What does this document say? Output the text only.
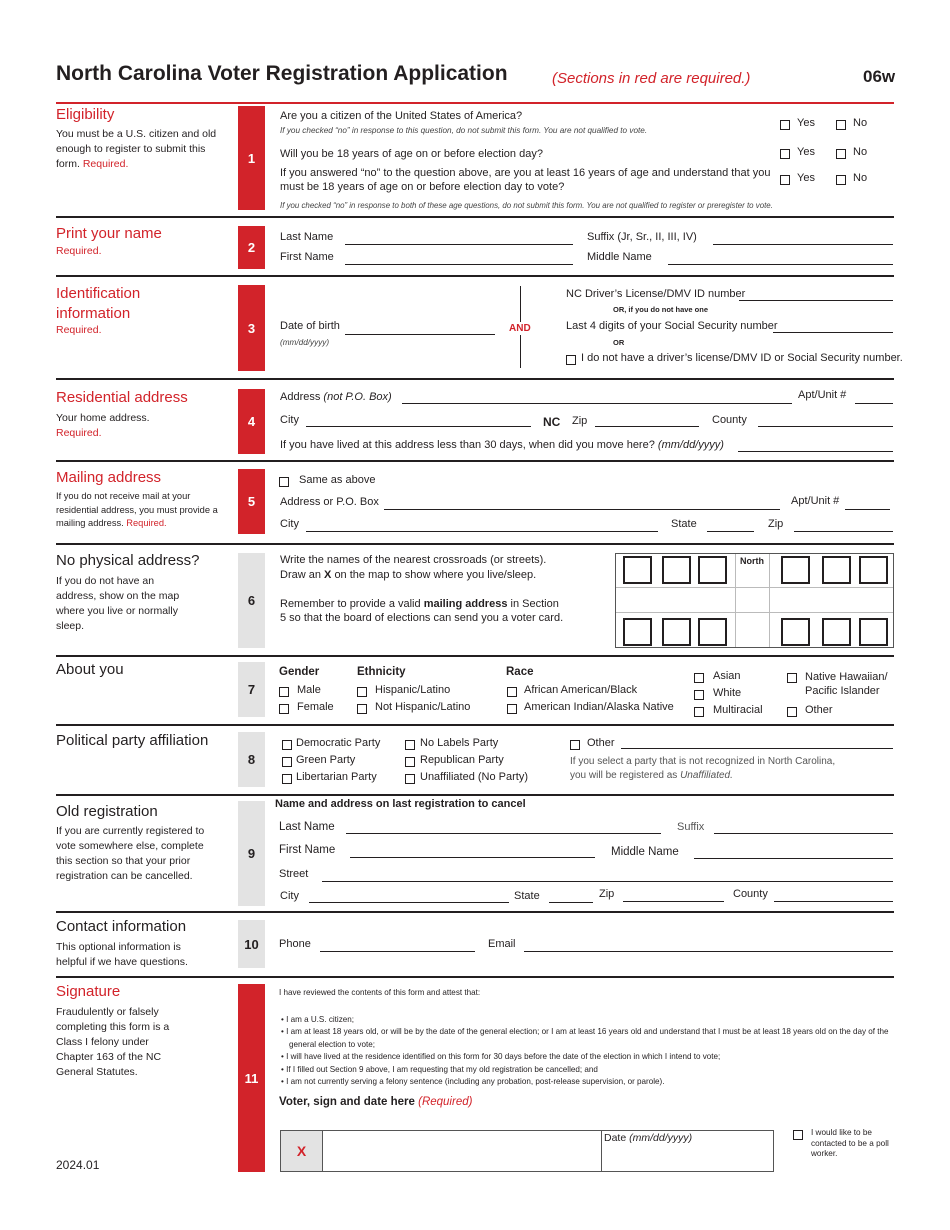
North Carolina Voter Registration Application	(Sections in red are required.)	06w
Eligibility
You must be a U.S. citizen and old enough to register to submit this form. Required.	1
Are you a citizen of the United States of America?
If you checked “no” in response to this question, do not submit this form. You are not qualified to vote.
Yes	No
Will you be 18 years of age on or before election day?	Yes	No
If you answered “no” to the question above, are you at least 16 years of age and understand that you
must be 18 years of age on or before election day to vote?
Yes	No
If you checked “no” in response to both of these age questions, do not submit this form. You are not qualified to register or preregister to vote.
Print your name
Required.	2
Last Name	Suffix (Jr, Sr., II, III, IV)
First Name	Middle Name
Identification
information
Required.	3	Date of birth
(mm/dd/yyyy)
AND
NC Driver’s License/DMV ID number
OR, if you do not have one
Last 4 digits of your Social Security number
OR
I do not have a driver’s license/DMV ID or Social Security number.
Residential address
Your home address.
Required.
4
Address (not P.O. Box)	Apt/Unit #
City	NC Zip	County
If you have lived at this address less than 30 days, when did you move here? (mm/dd/yyyy)
Mailing address
If you do not receive mail at your residential address, you must provide a mailing address. Required.
5
Same as above
Address or P.O. Box	Apt/Unit #
City	State	Zip
No physical address?
If you do not have an address, show on the map where you live or normally sleep.
6
Write the names of the nearest crossroads (or streets).
Draw an X on the map to show where you live/sleep.
Remember to provide a valid mailing address in Section
5 so that the board of elections can send you a voter card.
North
About you
7
Gender
Male
Female
Ethnicity
Hispanic/Latino
Not Hispanic/Latino
Race
African American/Black
American Indian/Alaska Native
Asian
White
Multiracial
Native Hawaiian/
Pacific Islander
Other
Political party affiliation
8
Democratic Party
Green Party
Libertarian Party
No Labels Party
Republican Party
Unaffiliated (No Party)
Other
If you select a party that is not recognized in North Carolina,
you will be registered as Unaffiliated.
Old registration
If you are currently registered to vote somewhere else, complete this section so that your prior registration can be cancelled.
9
Name and address on last registration to cancel
Last Name	Suffix
First Name	Middle Name
Street
City	State	Zip	County
Contact information
This optional information is helpful if we have questions.
10	Phone	Email
Signature
Fraudulently or falsely completing this form is a Class I felony under Chapter 163 of the NC General Statutes.	11
I have reviewed the contents of this form and attest that:
• I am a U.S. citizen;
• I am at least 18 years old, or will be by the date of the general election; or I am at least 16 years old and understand that I must be at least 18 years old on the day of the general election to vote;
• I will have lived at the residence identified on this form for 30 days before the date of the election in which I intend to vote;
• If I filled out Section 9 above, I am requesting that my old registration be cancelled; and
• I am not currently serving a felony sentence (including any probation, post-release supervision, or parole).
Voter, sign and date here (Required)
X
Date (mm/dd/yyyy)	I would like to be contacted to be a poll worker.
2024.01
